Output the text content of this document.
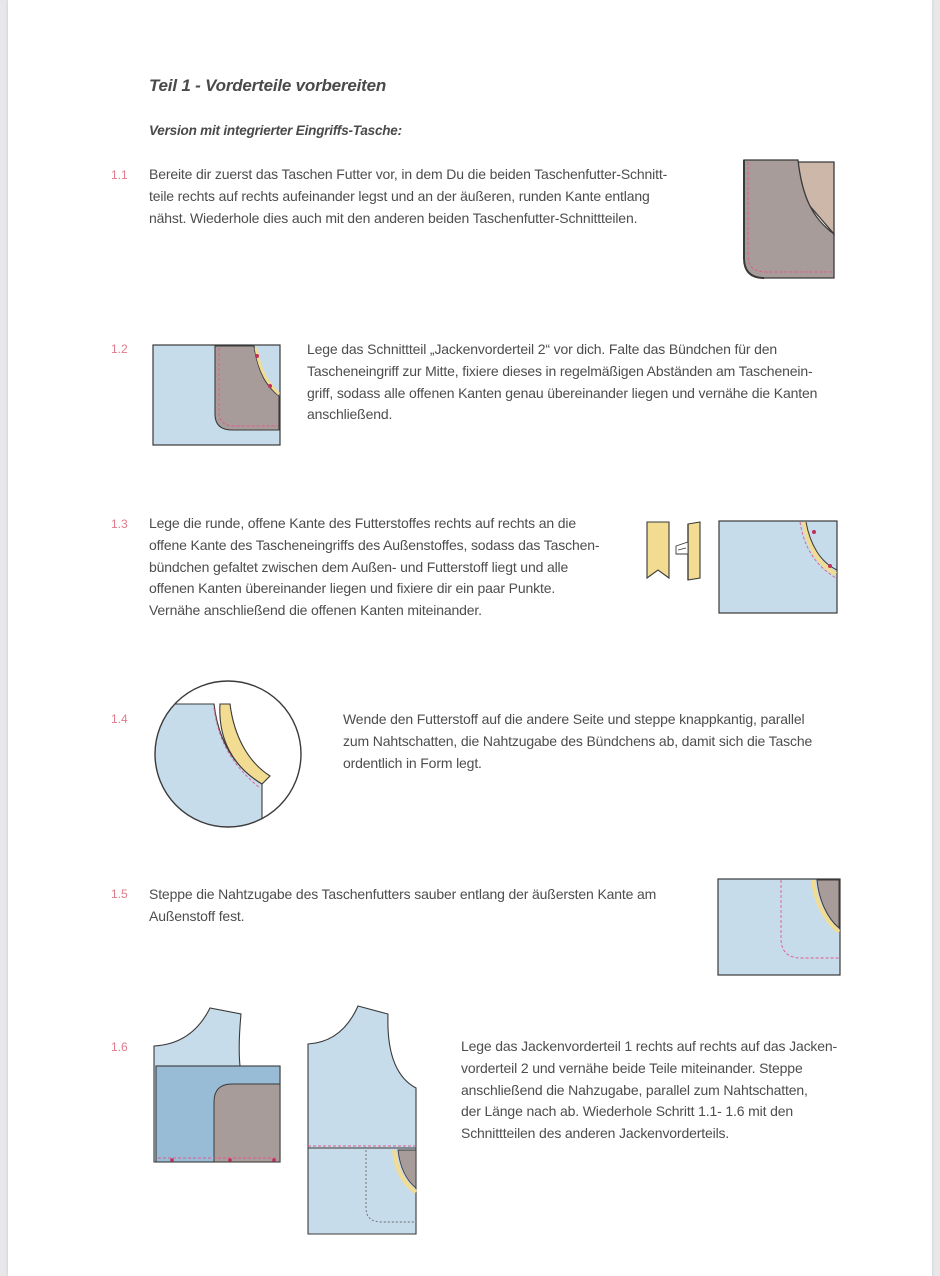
Teil 1 - Vorderteile vorbereiten
Version mit integrierter Eingriffs-Tasche:
1.1 Bereite dir zuerst das Taschen Futter vor, in dem Du die beiden Taschenfutter-Schnitt-
teile rechts auf rechts aufeinander legst und an der äußeren, runden Kante entlang
nähst. Wiederhole dies auch mit den anderen beiden Taschenfutter-Schnittteilen.
1.2	Lege das Schnittteil „Jackenvorderteil 2“ vor dich. Falte das Bündchen für den
Tascheneingriff zur Mitte, fixiere dieses in regelmäßigen Abständen am Taschenein-
griff, sodass alle offenen Kanten genau übereinander liegen und vernähe die Kanten
anschließend.
1.3 Lege die runde, offene Kante des Futterstoffes rechts auf rechts an die
offene Kante des Tascheneingriffs des Außenstoffes, sodass das Taschen-
bündchen gefaltet zwischen dem Außen- und Futterstoff liegt und alle
offenen Kanten übereinander liegen und fixiere dir ein paar Punkte.
Vernähe anschließend die offenen Kanten miteinander.
1.4	Wende den Futterstoff auf die andere Seite und steppe knappkantig, parallel
zum Nahtschatten, die Nahtzugabe des Bündchens ab, damit sich die Tasche
ordentlich in Form legt.
1.5 Steppe die Nahtzugabe des Taschenfutters sauber entlang der äußersten Kante am
Außenstoff fest.
1.6	Lege das Jackenvorderteil 1 rechts auf rechts auf das Jacken-
vorderteil 2 und vernähe beide Teile miteinander. Steppe
anschließend die Nahzugabe, parallel zum Nahtschatten,
der Länge nach ab. Wiederhole Schritt 1.1- 1.6 mit den
Schnittteilen des anderen Jackenvorderteils.
